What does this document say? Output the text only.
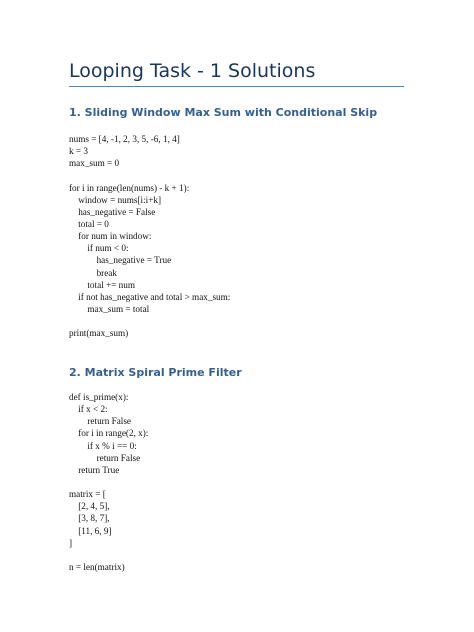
Looping Task - 1 Solutions
1. Sliding Window Max Sum with Conditional Skip
nums = [4, -1, 2, 3, 5, -6, 1, 4]
k = 3
max_sum = 0
for i in range(len(nums) - k + 1):
window = nums[i:i+k]
has_negative = False
total = 0
for num in window:
if num < 0:
has_negative = True
break
total += num
if not has_negative and total > max_sum:
max_sum = total
print(max_sum)
2. Matrix Spiral Prime Filter
def is_prime(x):
if x < 2:
return False
for i in range(2, x):
if x % i == 0:
return False
return True
matrix = [
[2, 4, 5],
[3, 8, 7],
[11, 6, 9]
]
n = len(matrix)
